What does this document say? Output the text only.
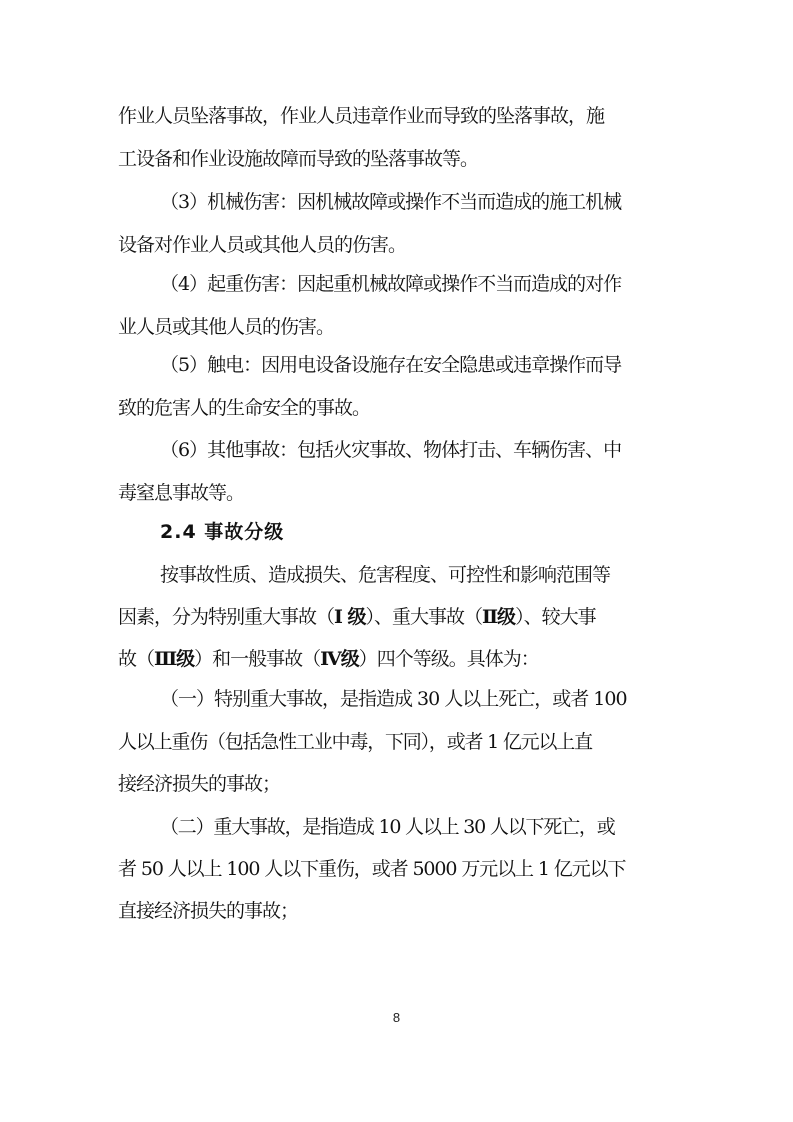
作业人员坠落事故，作业人员违章作业而导致的坠落事故，施
工设备和作业设施故障而导致的坠落事故等。
（3）机械伤害：因机械故障或操作不当而造成的施工机械
设备对作业人员或其他人员的伤害。
（4）起重伤害：因起重机械故障或操作不当而造成的对作
业人员或其他人员的伤害。
（5）触电：因用电设备设施存在安全隐患或违章操作而导
致的危害人的生命安全的事故。
（6）其他事故：包括火灾事故、物体打击、车辆伤害、中
毒窒息事故等。
2.4 事故分级
按事故性质、造成损失、危害程度、可控性和影响范围等
因素，分为特别重大事故（Ⅰ 级）、重大事故（Ⅱ级）、较大事
故（Ⅲ级）和一般事故（Ⅳ级）四个等级。具体为：
（一）特别重大事故，是指造成 30 人以上死亡，或者 100
人以上重伤（包括急性工业中毒，下同），或者 1 亿元以上直
接经济损失的事故；
（二）重大事故，是指造成 10 人以上 30 人以下死亡，或
者 50 人以上 100 人以下重伤，或者 5000 万元以上 1 亿元以下
直接经济损失的事故；
8
